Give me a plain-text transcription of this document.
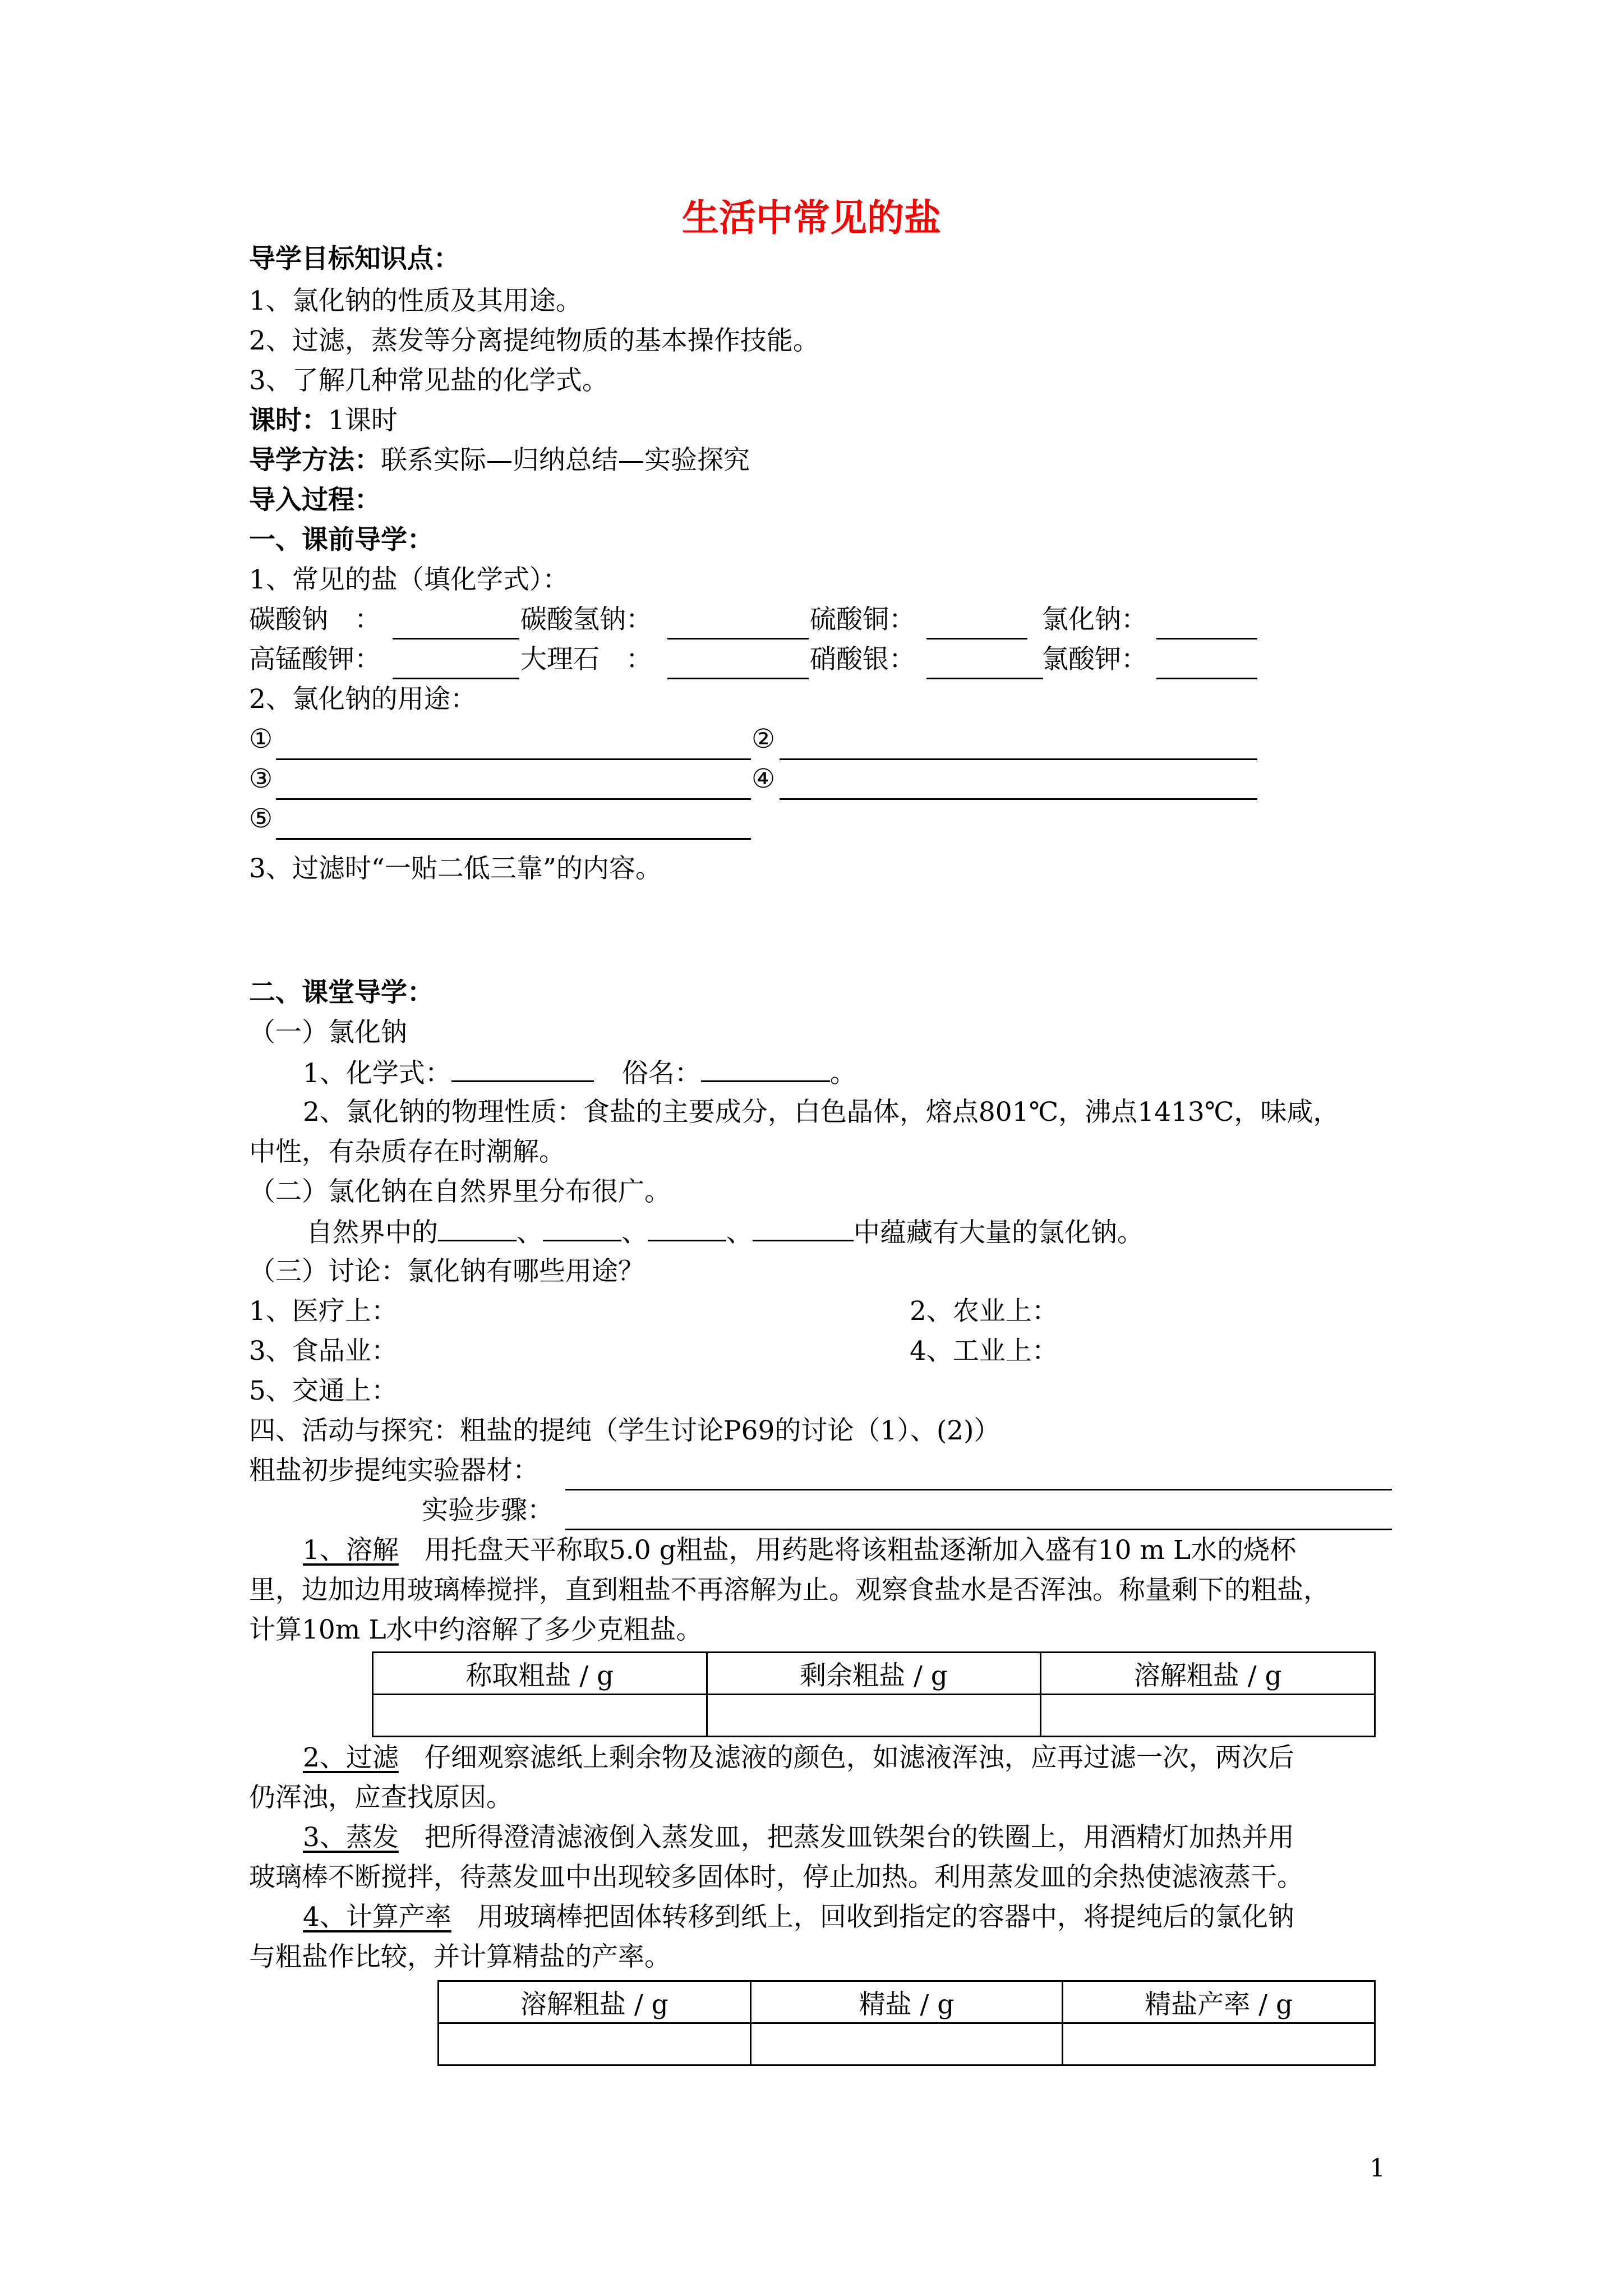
生活中常见的盐
导学目标知识点：
1、氯化钠的性质及其用途。
2、过滤，蒸发等分离提纯物质的基本操作技能。
3、了解几种常见盐的化学式。
课时：1课时
导学方法：联系实际—归纳总结—实验探究
导入过程：
一、课前导学：
1、常见的盐（填化学式）：
碳酸钠　：	碳酸氢钠：	硫酸铜：	氯化钠：
高锰酸钾：	大理石　：	硝酸银：	氯酸钾：
2、氯化钠的用途：
①	②
③	④
⑤
3、过滤时“一贴二低三靠”的内容。
二、课堂导学：
（一）氯化钠
1、化学式：	俗名：	。
2、氯化钠的物理性质：食盐的主要成分，白色晶体，熔点801℃，沸点1413℃，味咸，
中性，有杂质存在时潮解。
（二）氯化钠在自然界里分布很广。
自然界中的	、	、	、	中蕴藏有大量的氯化钠。
（三）讨论：氯化钠有哪些用途？
1、医疗上：	2、农业上：
3、食品业：	4、工业上：
5、交通上：
四、活动与探究：粗盐的提纯（学生讨论P69的讨论（1）、(2)）
粗盐初步提纯实验器材：
实验步骤：
1、溶解 用托盘天平称取5.0 g粗盐，用药匙将该粗盐逐渐加入盛有10 m L水的烧杯
里，边加边用玻璃棒搅拌，直到粗盐不再溶解为止。观察食盐水是否浑浊。称量剩下的粗盐，
计算10m L水中约溶解了多少克粗盐。
称取粗盐 / g	剩余粗盐 / g	溶解粗盐 / g

2、过滤 仔细观察滤纸上剩余物及滤液的颜色，如滤液浑浊，应再过滤一次，两次后
仍浑浊，应查找原因。
3、蒸发 把所得澄清滤液倒入蒸发皿，把蒸发皿铁架台的铁圈上，用酒精灯加热并用
玻璃棒不断搅拌，待蒸发皿中出现较多固体时，停止加热。利用蒸发皿的余热使滤液蒸干。
4、计算产率 用玻璃棒把固体转移到纸上，回收到指定的容器中，将提纯后的氯化钠
与粗盐作比较，并计算精盐的产率。
溶解粗盐 / g	精盐 / g	精盐产率 / g

1
